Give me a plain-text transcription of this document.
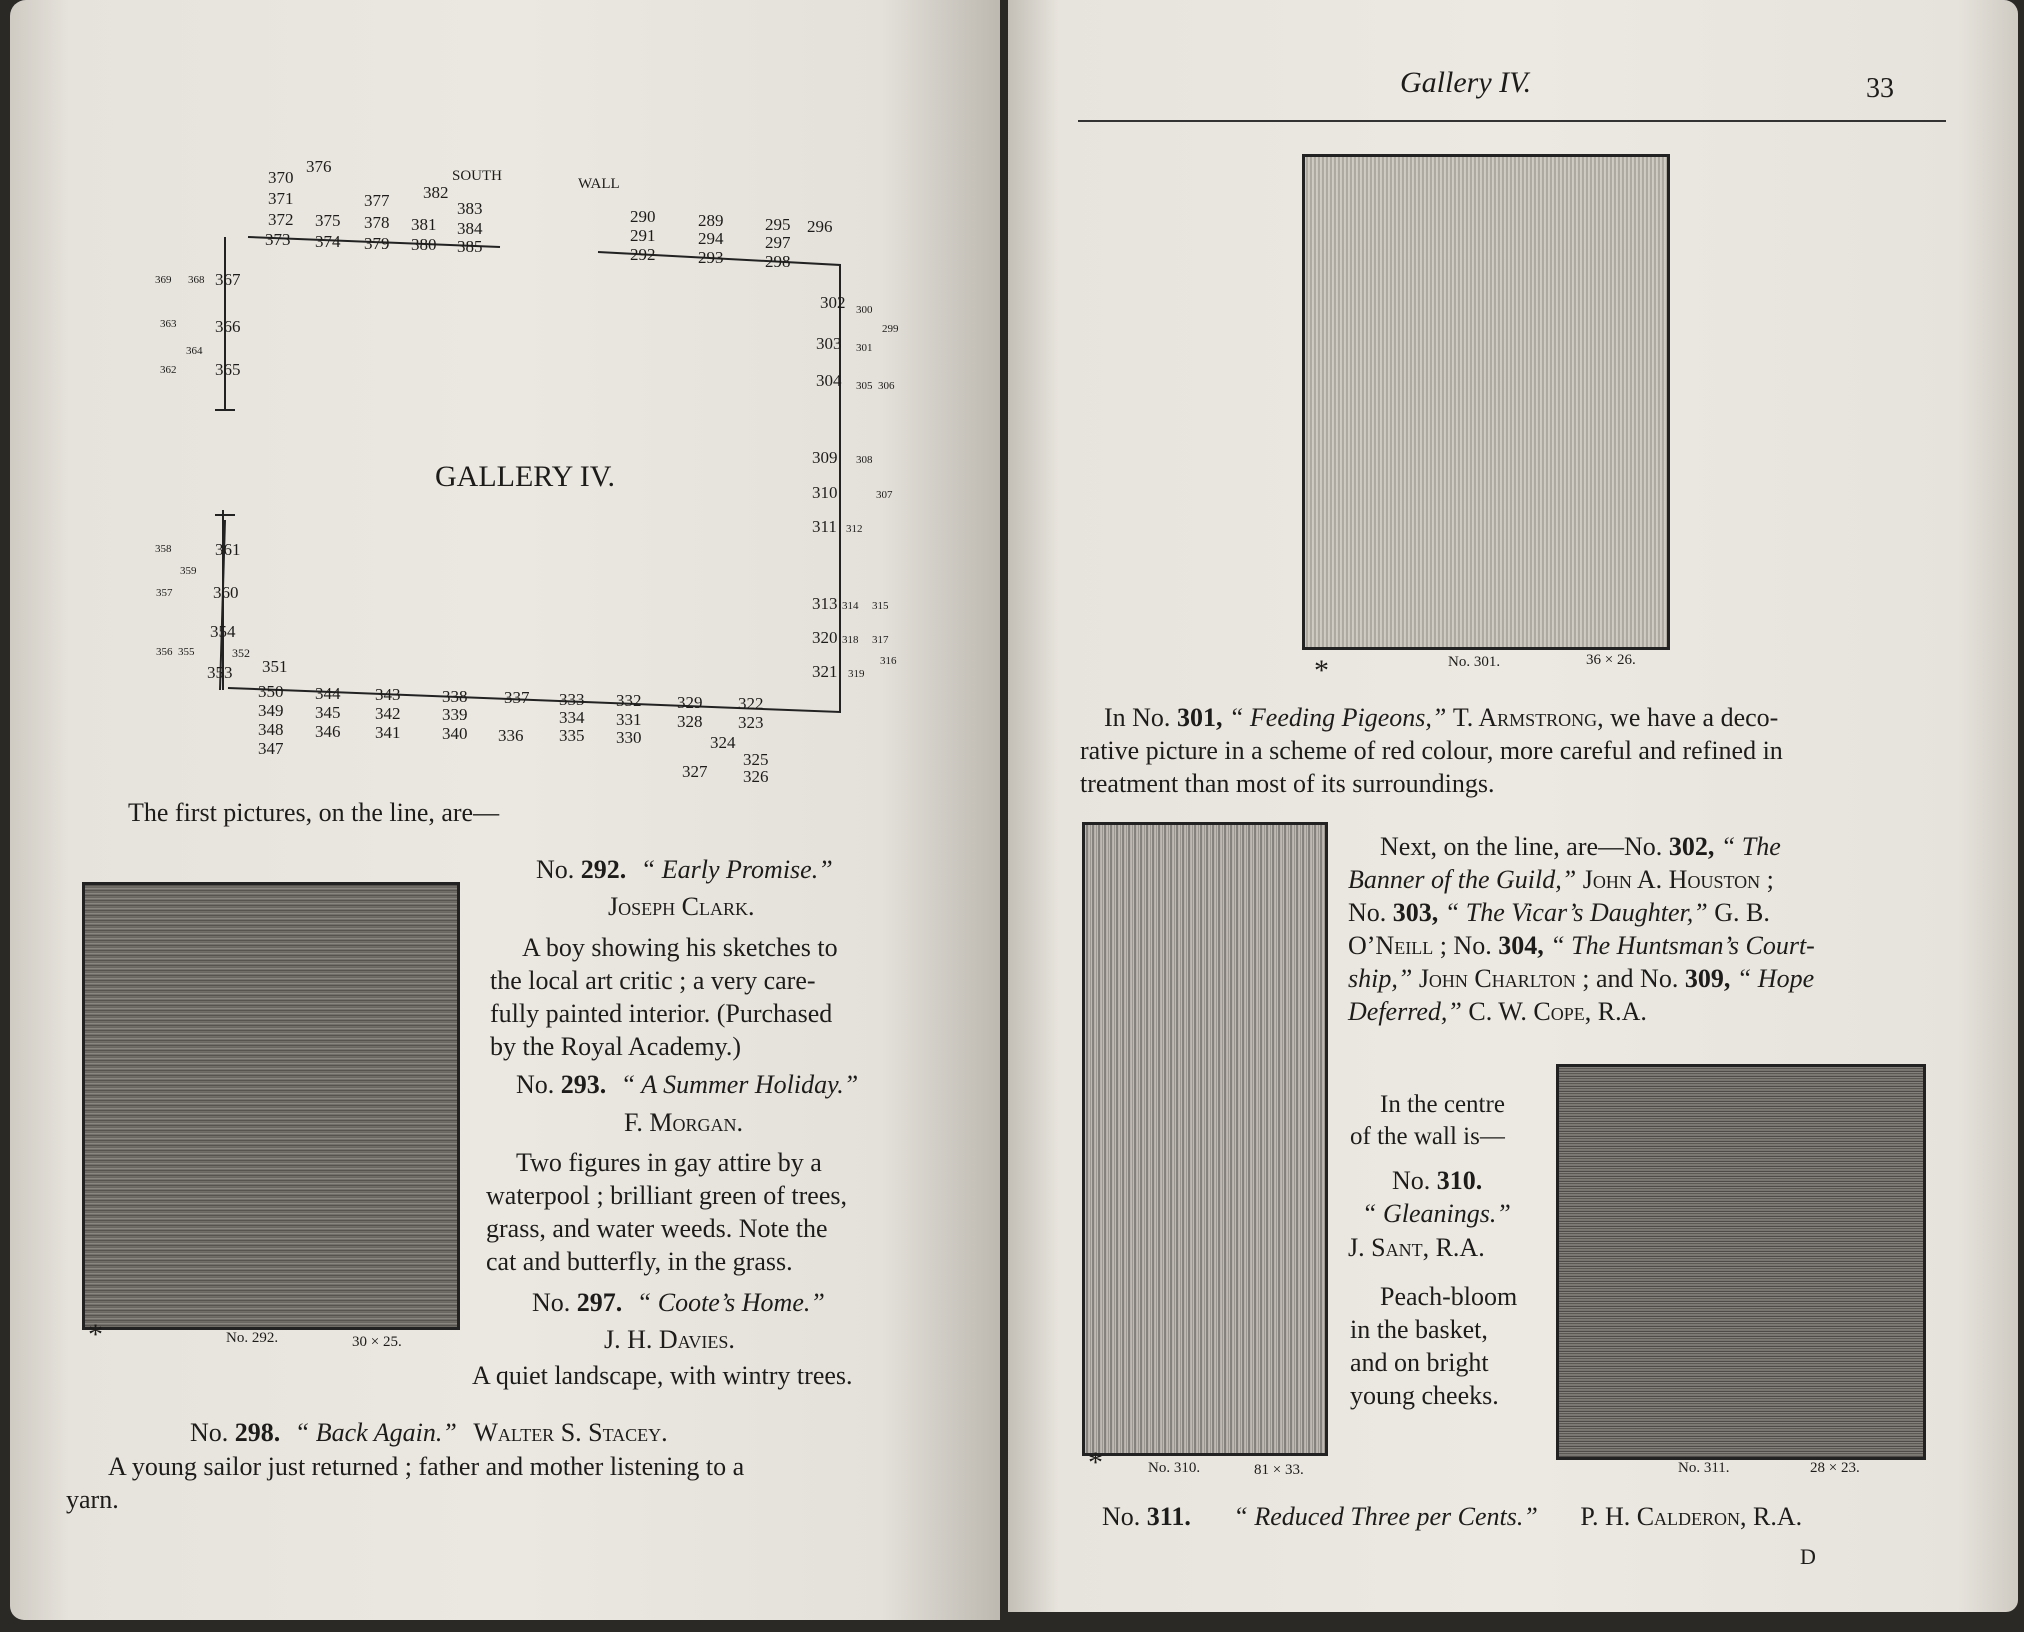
SOUTH	WALL
370
376
371	377 382
383
372 375 378 381 384
373 374 379 380 385
290	289 295 296
291	294 297
292	293 298
302 300
299
303 301
304 305 306
309 308
310	307
311 312
313 314 315
320 318 317
316
321 319
369 368 367
363 366
364
362 365
358	361
359
357 360
354
356 355	352
353 351
350 344 343 338 337 333 332 329 322
349 345 342 339	334 331 328 323
348 346 341 340 336 335 330	324
347
325
327 326
GALLERY IV.
The first pictures, on the line, are—
*	No. 292.	30 × 25.
No. 292. “ Early Promise.”
Joseph Clark.
A boy showing his sketches to
the local art critic ; a very care-
fully painted interior. (Purchased
by the Royal Academy.)
No. 293. “ A Summer Holiday.”
F. Morgan.
Two figures in gay attire by a
waterpool ; brilliant green of trees,
grass, and water weeds. Note the
cat and butterfly, in the grass.
No. 297. “ Coote’s Home.”
J. H. Davies.
A quiet landscape, with wintry trees.
No. 298. “ Back Again.” Walter S. Stacey.
A young sailor just returned ; father and mother listening to a
yarn.
Gallery IV.	33
*	No. 301.	36 × 26.
In No. 301, “ Feeding Pigeons,” T. Armstrong, we have a deco-
rative picture in a scheme of red colour, more careful and refined in
treatment than most of its surroundings.
*	No. 310.	81 × 33.
Next, on the line, are—No. 302, “ The
Banner of the Guild,” John A. Houston ;
No. 303, “ The Vicar’s Daughter,” G. B.
O’Neill ; No. 304, “ The Huntsman’s Court-
ship,” John Charlton ; and No. 309, “ Hope
Deferred,” C. W. Cope, R.A.
In the centre
of the wall is—
No. 310.
“ Gleanings.”
J. Sant, R.A.
Peach-bloom
in the basket,
and on bright
young cheeks.
No. 311.	28 × 23.
No. 311. “ Reduced Three per Cents.” P. H. Calderon, R.A.
D
